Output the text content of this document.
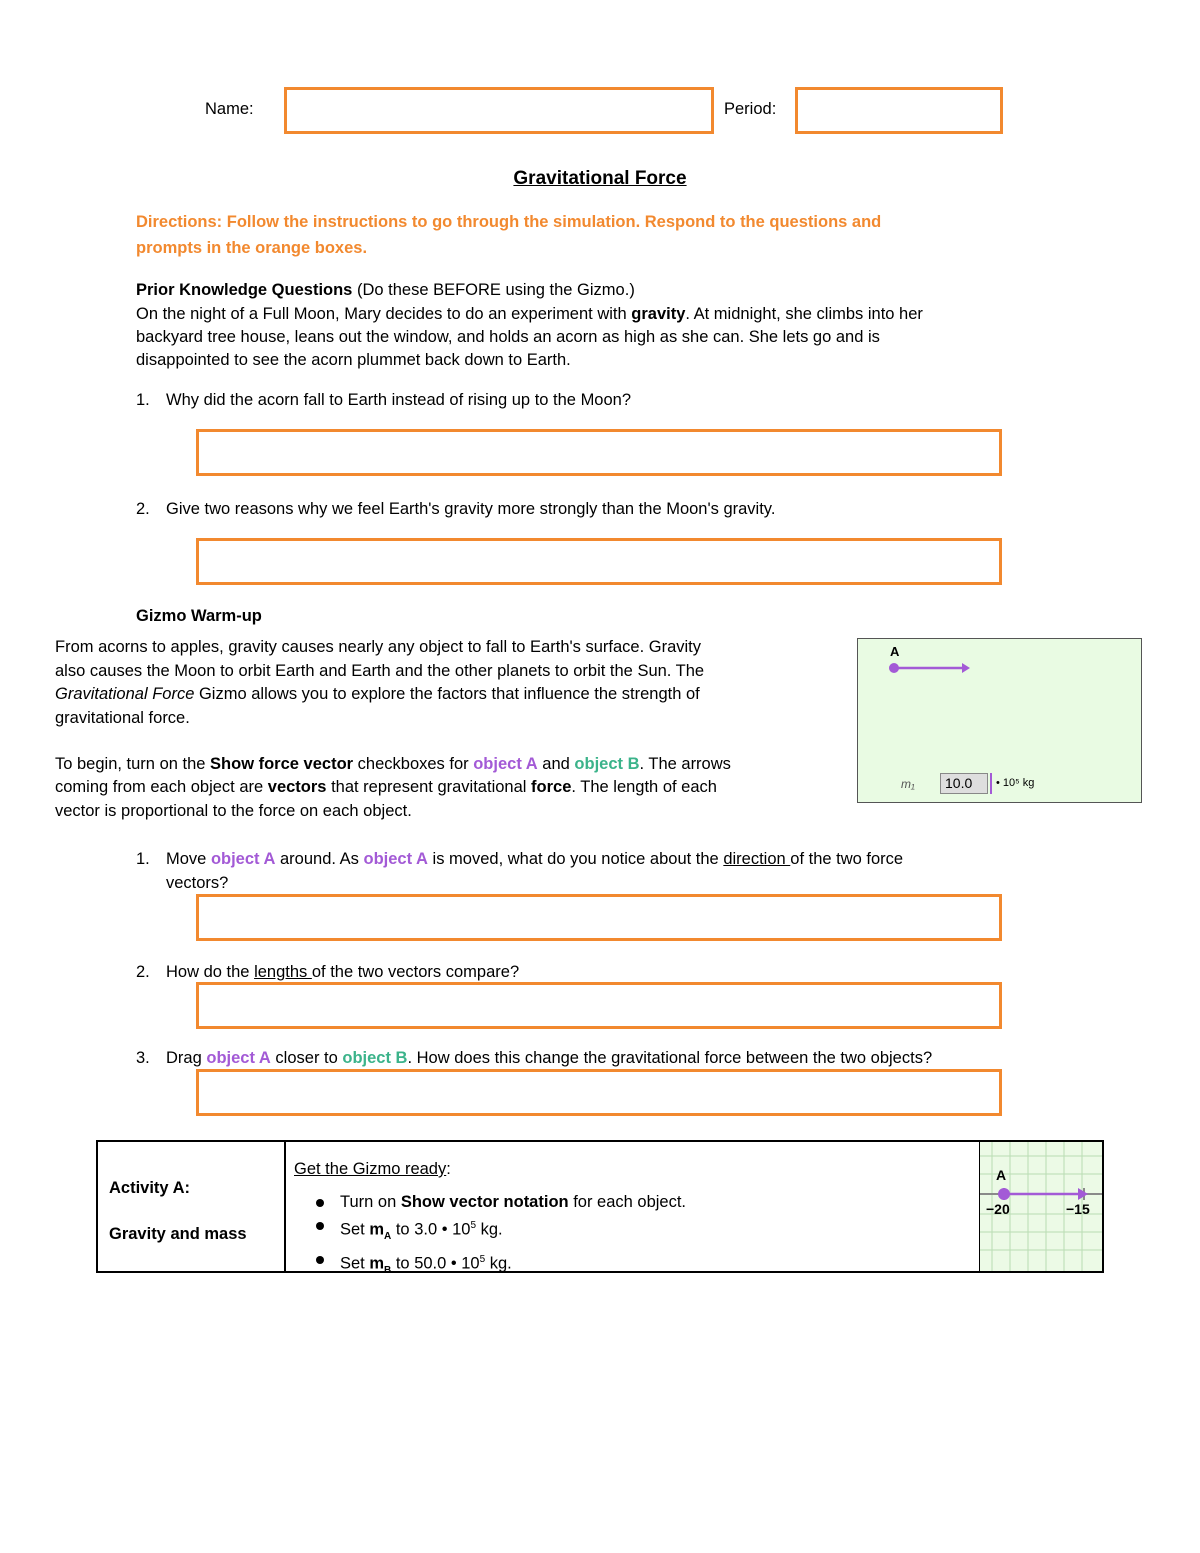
Name:	Period:
Gravitational Force
Directions: Follow the instructions to go through the simulation. Respond to the questions and
prompts in the orange boxes.
Prior Knowledge Questions (Do these BEFORE using the Gizmo.)
On the night of a Full Moon, Mary decides to do an experiment with gravity. At midnight, she climbs into her
backyard tree house, leans out the window, and holds an acorn as high as she can. She lets go and is
disappointed to see the acorn plummet back down to Earth.
1. Why did the acorn fall to Earth instead of rising up to the Moon?
2. Give two reasons why we feel Earth's gravity more strongly than the Moon's gravity.
Gizmo Warm-up
From acorns to apples, gravity causes nearly any object to fall to Earth's surface. Gravity
also causes the Moon to orbit Earth and Earth and the other planets to orbit the Sun. The
Gravitational Force Gizmo allows you to explore the factors that influence the strength of
gravitational force.
To begin, turn on the Show force vector checkboxes for object A and object B. The arrows
coming from each object are vectors that represent gravitational force. The length of each
vector is proportional to the force on each object.
A
m₁	10.0	• 10⁵ kg
1. Move object A around. As object A is moved, what do you notice about the direction of the two force
vectors?
2. How do the lengths of the two vectors compare?
3. Drag object A closer to object B. How does this change the gravitational force between the two objects?
Activity A:
Gravity and mass
Get the Gizmo ready:
Turn on Show vector notation for each object.
Set $m_A$ to 3.0 • $10^5$ kg.
Set $m_B$ to 50.0 • $10^5$ kg.
A
−20	−15
